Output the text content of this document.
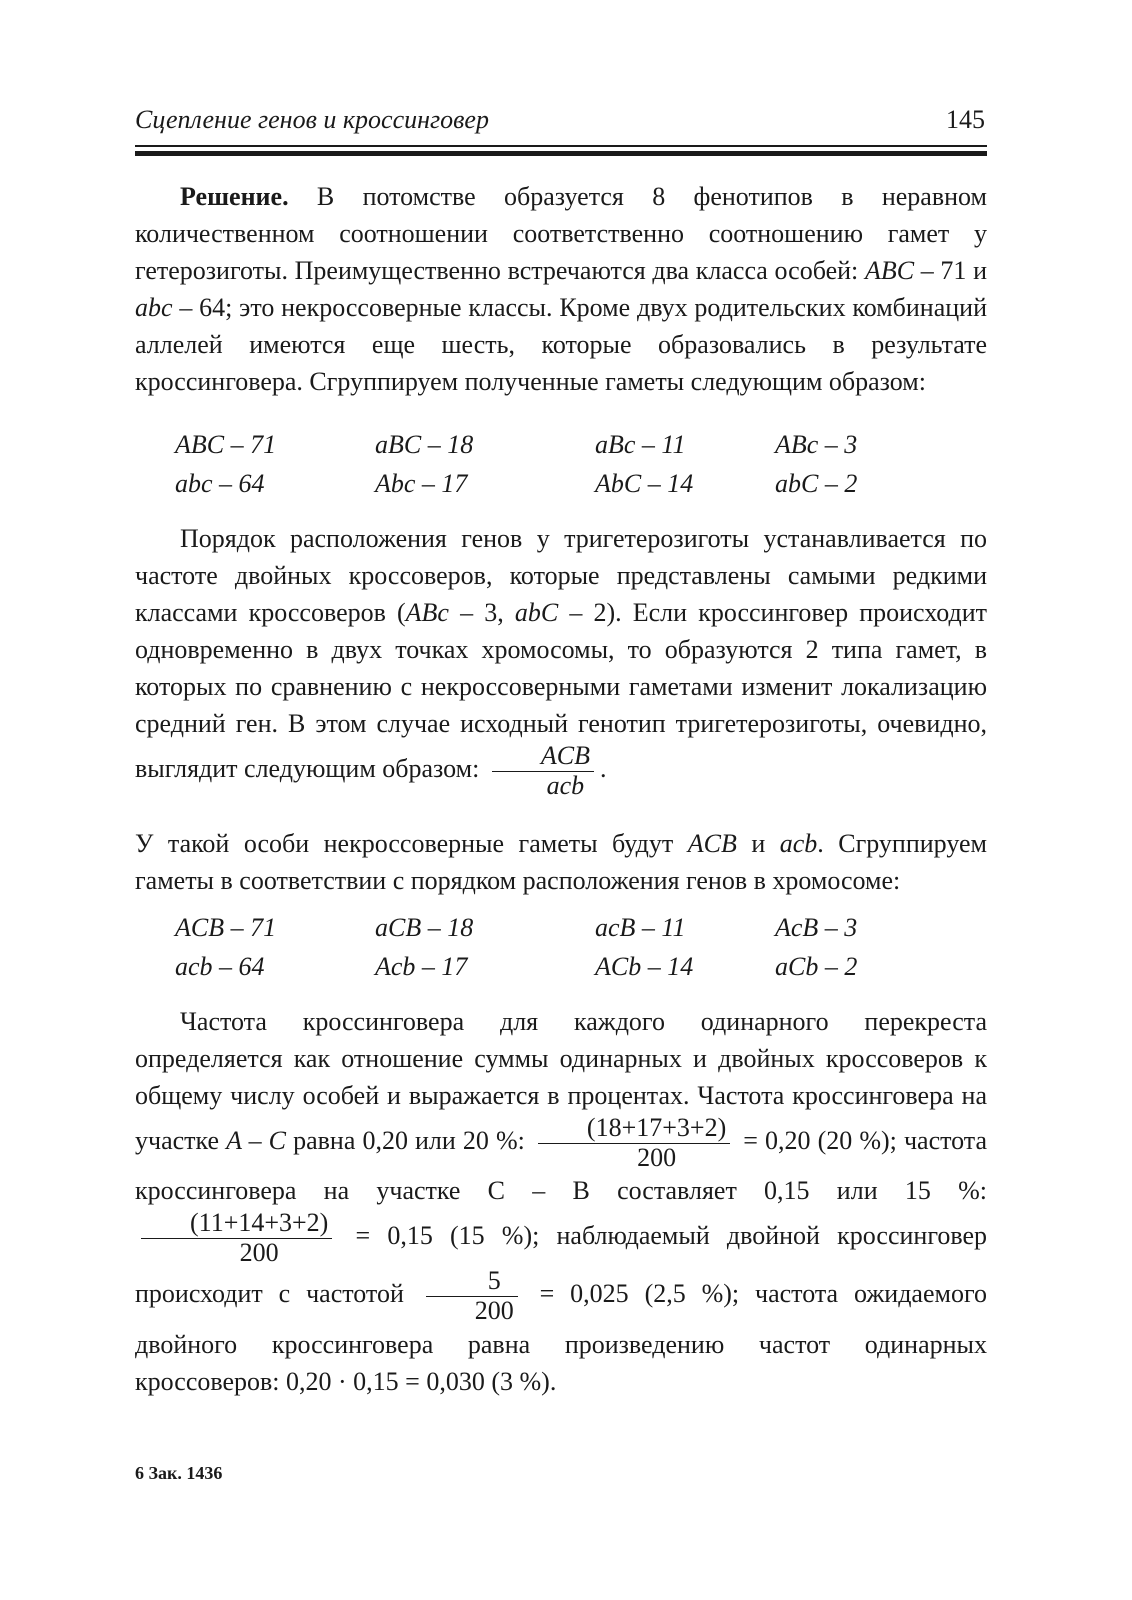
Сцепление генов и кроссинговер	145

Решение. В потомстве образуется 8 фенотипов в неравном количественном соотношении соответственно соотношению гамет у гетерозиготы. Преимущественно встречаются два класса особей: ABC – 71 и abc – 64; это некроссоверные классы. Кроме двух родительских комбинаций аллелей имеются еще шесть, которые образовались в результате кроссинговера. Сгруппируем полученные гаметы следующим образом:

ABC – 71	aBC – 18	aBc – 11	ABc – 3
abc – 64	Abc – 17	AbC – 14	abC – 2

Порядок расположения генов у тригетерозиготы устанавливается по частоте двойных кроссоверов, которые представлены самыми редкими классами кроссоверов (ABc – 3, abC – 2). Если кроссинговер происходит одновременно в двух точках хромосомы, то образуются 2 типа гамет, в которых по сравнению с некроссоверными гаметами изменит локализацию средний ген. В этом случае исходный генотип тригетерозиготы, очевидно, выглядит следующим образом: $\frac{\text{ACB}}{\text{acb}}$ .

У такой особи некроссоверные гаметы будут ACB и acb. Сгруппируем гаметы в соответствии с порядком расположения генов в хромосоме:

ACB – 71	aCB – 18	acB – 11	AcB – 3
acb – 64	Acb – 17	ACb – 14	aCb – 2

Частота кроссинговера для каждого одинарного перекреста определяется как отношение суммы одинарных и двойных кроссоверов к общему числу особей и выражается в процентах. Частота кроссинговера на участке A – C равна 0,20 или 20 %: $\frac{(18+17+3+2)}{200} = 0,20$ (20 %); частота кроссинговера на участке С – В составляет 0,15 или 15 %:
$\frac{(11+14+3+2)}{200} = 0,15$ (15 %); наблюдаемый двойной кроссинговер происходит с частотой $\frac{5}{200} = 0,025$ (2,5 %); частота ожидаемого двойного кроссинговера равна произведению частот одинарных кроссоверов: 0,20 · 0,15 = 0,030 (3 %).

6 Зак. 1436
